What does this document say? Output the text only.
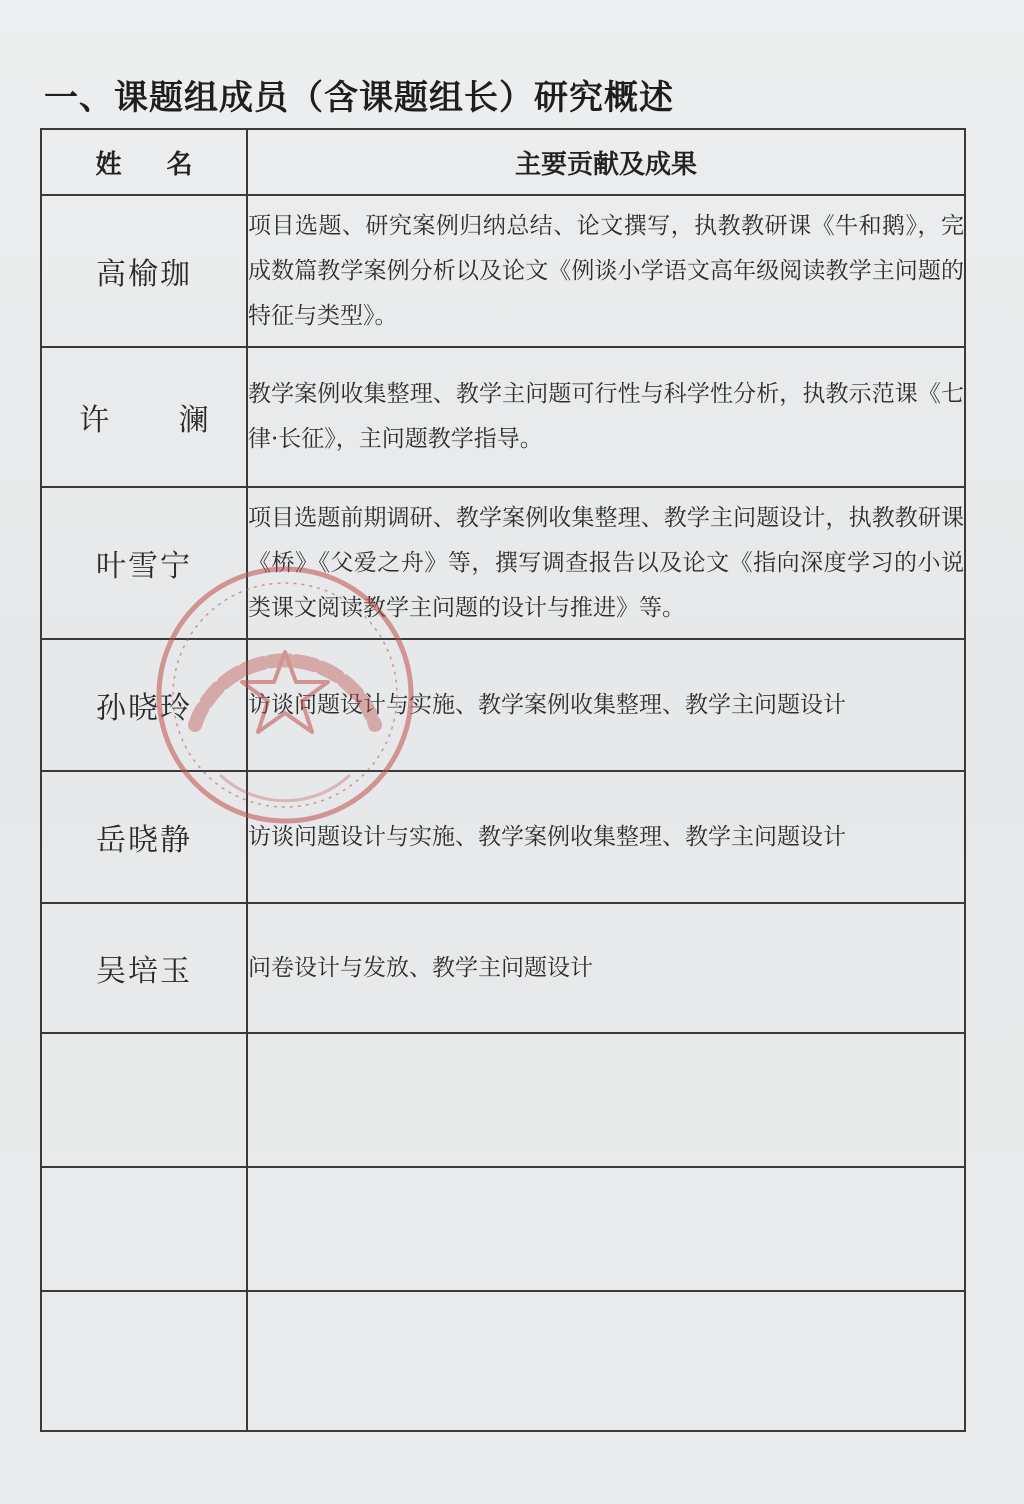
一、课题组成员（含课题组长）研究概述
姓 名	主要贡献及成果
高榆珈	项目选题、研究案例归纳总结、论文撰写，执教教研课《牛和鹅》，完成数篇教学案例分析以及论文《例谈小学语文高年级阅读教学主问题的特征与类型》。
许 澜	教学案例收集整理、教学主问题可行性与科学性分析，执教示范课《七律·长征》，主问题教学指导。
叶雪宁	项目选题前期调研、教学案例收集整理、教学主问题设计，执教教研课《桥》《父爱之舟》等，撰写调查报告以及论文《指向深度学习的小说类课文阅读教学主问题的设计与推进》等。
孙晓玲	访谈问题设计与实施、教学案例收集整理、教学主问题设计
岳晓静	访谈问题设计与实施、教学案例收集整理、教学主问题设计
吴培玉	问卷设计与发放、教学主问题设计
